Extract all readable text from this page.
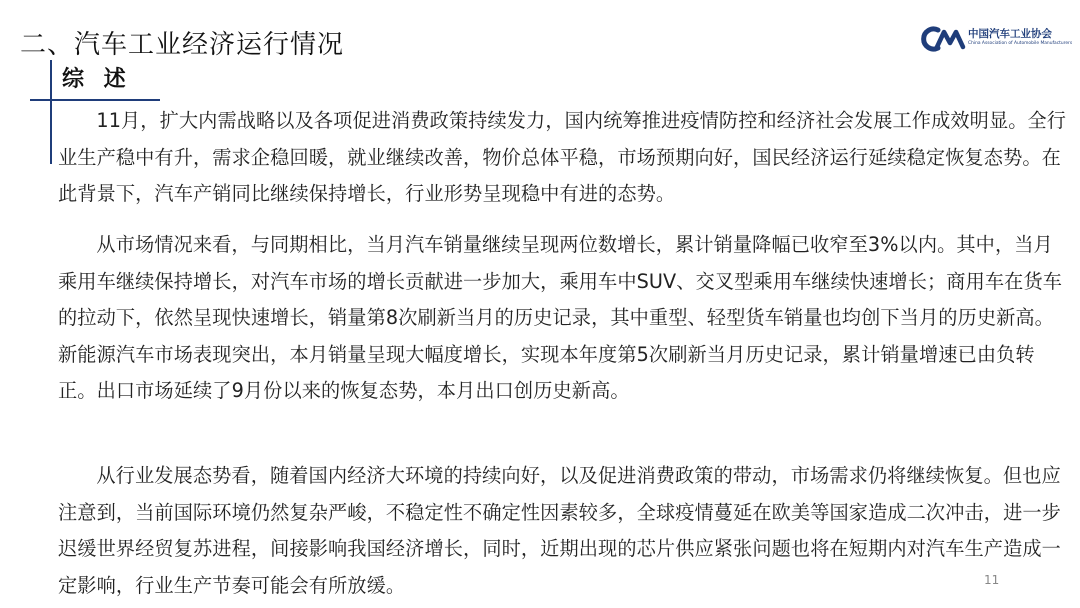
二、汽车工业经济运行情况	中国汽车工业协会
China Association of Automobile Manufacturers
综 述

11月，扩大内需战略以及各项促进消费政策持续发力，国内统筹推进疫情防控和经济社会发展工作成效明显。全行业生产稳中有升，需求企稳回暖，就业继续改善，物价总体平稳，市场预期向好，国民经济运行延续稳定恢复态势。在此背景下，汽车产销同比继续保持增长，行业形势呈现稳中有进的态势。

从市场情况来看，与同期相比，当月汽车销量继续呈现两位数增长，累计销量降幅已收窄至3%以内。其中，当月乘用车继续保持增长，对汽车市场的增长贡献进一步加大，乘用车中SUV、交叉型乘用车继续快速增长；商用车在货车的拉动下，依然呈现快速增长，销量第8次刷新当月的历史记录，其中重型、轻型货车销量也均创下当月的历史新高。新能源汽车市场表现突出，本月销量呈现大幅度增长，实现本年度第5次刷新当月历史记录，累计销量增速已由负转正。出口市场延续了9月份以来的恢复态势，本月出口创历史新高。

从行业发展态势看，随着国内经济大环境的持续向好，以及促进消费政策的带动，市场需求仍将继续恢复。但也应注意到，当前国际环境仍然复杂严峻，不稳定性不确定性因素较多，全球疫情蔓延在欧美等国家造成二次冲击，进一步迟缓世界经贸复苏进程，间接影响我国经济增长，同时，近期出现的芯片供应紧张问题也将在短期内对汽车生产造成一定影响，行业生产节奏可能会有所放缓。	11
